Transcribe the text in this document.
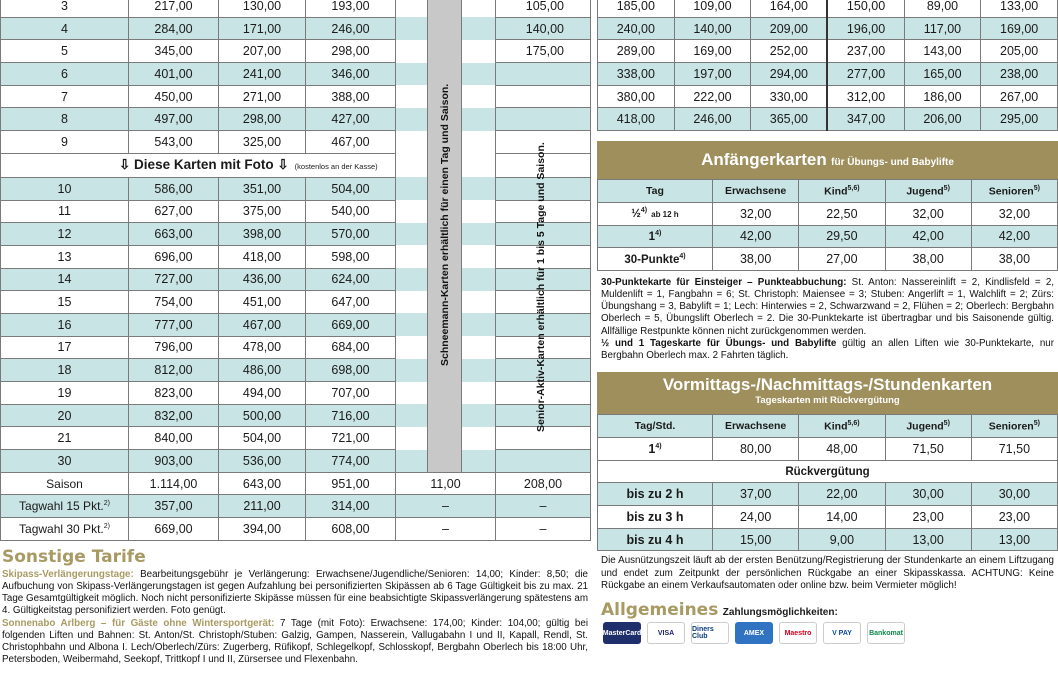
3	217,00	130,00	193,00				105,00
4	284,00	171,00	246,00				140,00
5	345,00	207,00	298,00				175,00
6	401,00	241,00	346,00				
7	450,00	271,00	388,00				
8	497,00	298,00	427,00				
9	543,00	325,00	467,00				
⇩ Diese Karten mit Foto ⇩ (kostenlos an der Kasse)							
10	586,00	351,00	504,00				
11	627,00	375,00	540,00				
12	663,00	398,00	570,00				
13	696,00	418,00	598,00				
14	727,00	436,00	624,00				
15	754,00	451,00	647,00				
16	777,00	467,00	669,00				
17	796,00	478,00	684,00				
18	812,00	486,00	698,00				
19	823,00	494,00	707,00				
20	832,00	500,00	716,00				
21	840,00	504,00	721,00				
30	903,00	536,00	774,00				
Saison	1.114,00	643,00	951,00	11,00			208,00
Tagwahl 15 Pkt.$^{2)}$	357,00	211,00	314,00	–			–
Tagwahl 30 Pkt.$^{2)}$	669,00	394,00	608,00	–			–
Schneemann-Karten erhältlich für einen Tag und Saison.	Senior-Aktiv-Karten erhältlich für 1 bis 5 Tage und Saison.
Sonstige Tarife

Skipass-Verlängerungstage: Bearbeitungsgebühr je Verlängerung: Erwachsene/Jugendliche/Senioren: 14,00; Kinder: 8,50; die Aufbuchung von Skipass-Verlängerungstagen ist gegen Aufzahlung bei personifizierten Skipässen ab 6 Tage Gültigkeit bis zu max. 21 Tage Gesamtgültigkeit möglich. Noch nicht personifizierte Skipässe müssen für eine beabsichtigte Skipassverlängerung spätestens am 4. Gültigkeitstag personifiziert werden. Foto genügt.

Sonnenabo Arlberg – für Gäste ohne Wintersportgerät: 7 Tage (mit Foto): Erwachsene: 174,00; Kinder: 104,00; gültig bei folgenden Liften und Bahnen: St. Anton/St. Christoph/Stuben: Galzig, Gampen, Nasserein, Vallugabahn I und II, Kapall, Rendl, St. Christophbahn und Albona I. Lech/Oberlech/Zürs: Zugerberg, Rüfikopf, Schlegelkopf, Schlosskopf, Bergbahn Oberlech bis 18:00 Uhr, Petersboden, Weibermahd, Seekopf, Trittkopf I und II, Zürsersee und Flexenbahn.

185,00	109,00	164,00	150,00	89,00	133,00
240,00	140,00	209,00	196,00	117,00	169,00
289,00	169,00	252,00	237,00	143,00	205,00
338,00	197,00	294,00	277,00	165,00	238,00
380,00	222,00	330,00	312,00	186,00	267,00
418,00	246,00	365,00	347,00	206,00	295,00
Anfängerkarten für Übungs- und Babylifte
Tag	Erwachsene	Kind$^{5,6)}$	Jugend$^{5)}$	Senioren$^{5)}$
½$^{4)}$ ab 12 h	32,00	22,50	32,00	32,00
1$^{4)}$	42,00	29,50	42,00	42,00
30-Punkte$^{4)}$	38,00	27,00	38,00	38,00

30-Punktekarte für Einsteiger – Punkteabbuchung: St. Anton: Nassereinlift = 2, Kindlisfeld = 2, Muldenlift = 1, Fangbahn = 6; St. Christoph: Maiensee = 3; Stuben: Angerlift = 1, Walchlift = 2; Zürs: Übungshang = 3, Babylift = 1; Lech: Hinterwies = 2, Schwarzwand = 2, Flühen = 2; Oberlech: Bergbahn Oberlech = 5, Übungslift Oberlech = 2. Die 30-Punktekarte ist übertragbar und bis Saisonende gültig. Allfällige Restpunkte können nicht zurückgenommen werden.
½ und 1 Tageskarte für Übungs- und Babylifte gültig an allen Liften wie 30-Punktekarte, nur Bergbahn Oberlech max. 2 Fahrten täglich.

Vormittags-/Nachmittags-/Stundenkarten
Tageskarten mit Rückvergütung
Tag/Std.	Erwachsene	Kind$^{5,6)}$	Jugend$^{5)}$	Senioren$^{5)}$
1$^{4)}$	80,00	48,00	71,50	71,50
Rückvergütung				
bis zu 2 h	37,00	22,00	30,00	30,00
bis zu 3 h	24,00	14,00	23,00	23,00
bis zu 4 h	15,00	9,00	13,00	13,00

Die Ausnützungszeit läuft ab der ersten Benützung/Registrierung der Stundenkarte an einem Liftzugang und endet zum Zeitpunkt der persönlichen Rückgabe an einer Skipasskassa. ACHTUNG: Keine Rückgabe an einem Verkaufsautomaten oder online bzw. beim Vermieter möglich!

Allgemeines Zahlungsmöglichkeiten:
MasterCard	VISA	Diners Club	AMEX	Maestro	V PAY	Bankomat
